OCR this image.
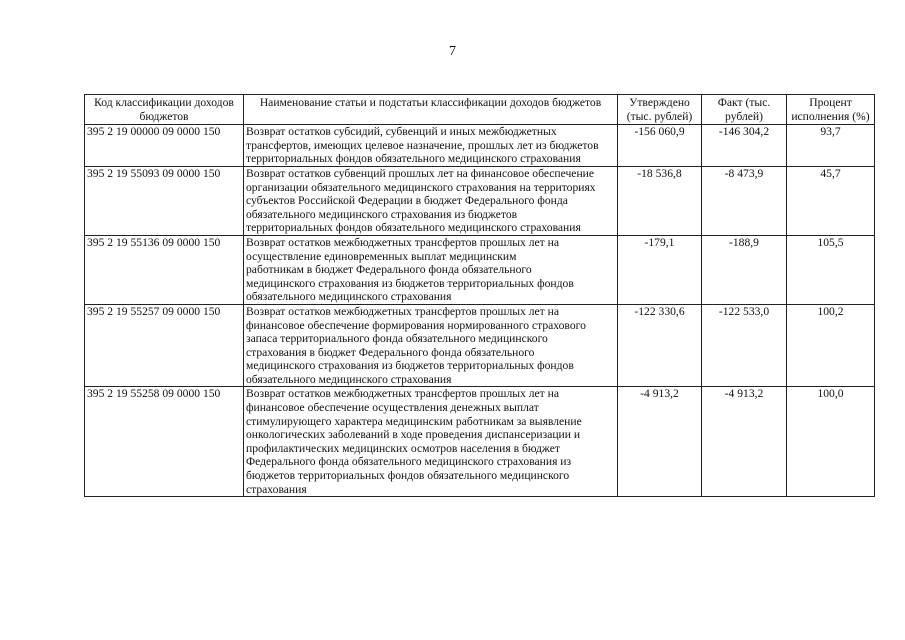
7
Код классификации доходов бюджетов	Наименование статьи и подстатьи классификации доходов бюджетов	Утверждено (тыс. рублей)	Факт (тыс. рублей)	Процент исполнения (%)
395 2 19 00000 09 0000 150	Возврат остатков субсидий, субвенций и иных межбюджетных трансфертов, имеющих целевое назначение, прошлых лет из бюджетов территориальных фондов обязательного медицинского страхования	-156 060,9	-146 304,2	93,7
395 2 19 55093 09 0000 150	Возврат остатков субвенций прошлых лет на финансовое обеспечение организации обязательного медицинского страхования на территориях субъектов Российской Федерации в бюджет Федерального фонда обязательного медицинского страхования из бюджетов территориальных фондов обязательного медицинского страхования	-18 536,8	-8 473,9	45,7
395 2 19 55136 09 0000 150	Возврат остатков межбюджетных трансфертов прошлых лет на осуществление единовременных выплат медицинским работникам в бюджет Федерального фонда обязательного медицинского страхования из бюджетов территориальных фондов обязательного медицинского страхования	-179,1	-188,9	105,5
395 2 19 55257 09 0000 150	Возврат остатков межбюджетных трансфертов прошлых лет на финансовое обеспечение формирования нормированного страхового запаса территориального фонда обязательного медицинского страхования в бюджет Федерального фонда обязательного медицинского страхования из бюджетов территориальных фондов обязательного медицинского страхования	-122 330,6	-122 533,0	100,2
395 2 19 55258 09 0000 150	Возврат остатков межбюджетных трансфертов прошлых лет на финансовое обеспечение осуществления денежных выплат стимулирующего характера медицинским работникам за выявление онкологических заболеваний в ходе проведения диспансеризации и профилактических медицинских осмотров населения в бюджет Федерального фонда обязательного медицинского страхования из бюджетов территориальных фондов обязательного медицинского страхования	-4 913,2	-4 913,2	100,0
